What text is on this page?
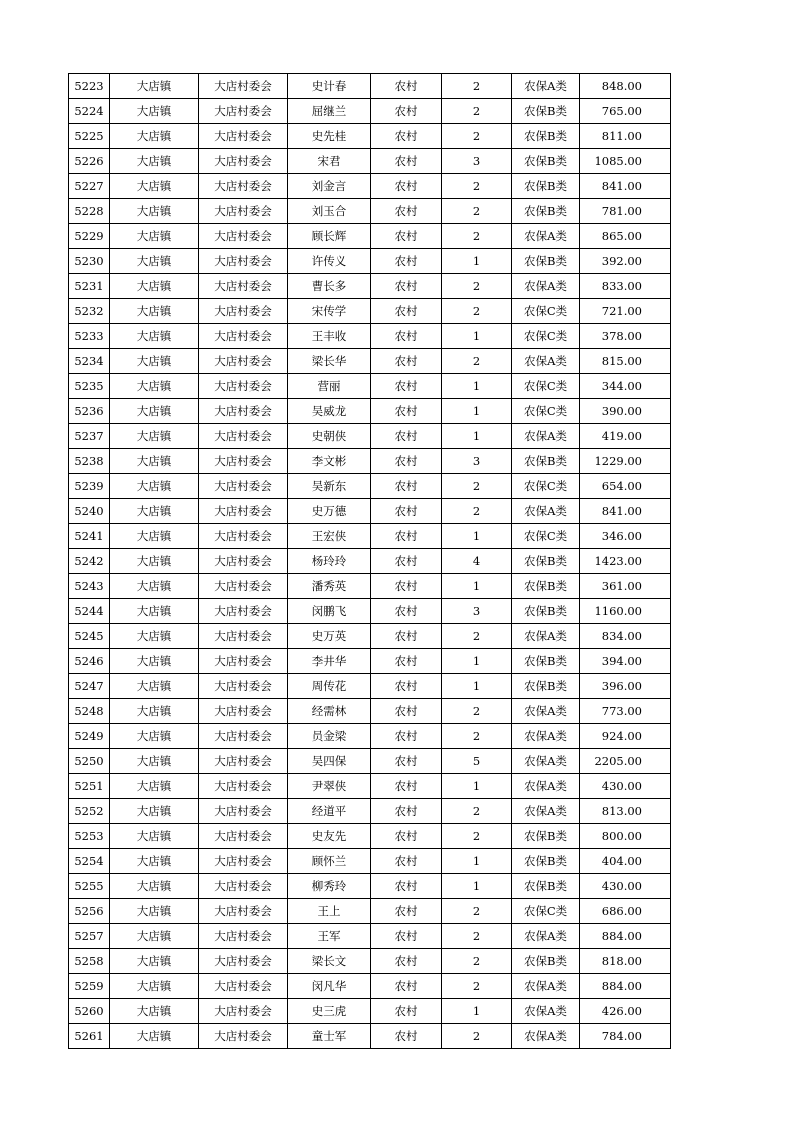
5223	大店镇	大店村委会	史计春	农村	2	农保A类	848.00
5224	大店镇	大店村委会	屈继兰	农村	2	农保B类	765.00
5225	大店镇	大店村委会	史先桂	农村	2	农保B类	811.00
5226	大店镇	大店村委会	宋君	农村	3	农保B类	1085.00
5227	大店镇	大店村委会	刘金言	农村	2	农保B类	841.00
5228	大店镇	大店村委会	刘玉合	农村	2	农保B类	781.00
5229	大店镇	大店村委会	顾长辉	农村	2	农保A类	865.00
5230	大店镇	大店村委会	许传义	农村	1	农保B类	392.00
5231	大店镇	大店村委会	曹长多	农村	2	农保A类	833.00
5232	大店镇	大店村委会	宋传学	农村	2	农保C类	721.00
5233	大店镇	大店村委会	王丰收	农村	1	农保C类	378.00
5234	大店镇	大店村委会	梁长华	农村	2	农保A类	815.00
5235	大店镇	大店村委会	营丽	农村	1	农保C类	344.00
5236	大店镇	大店村委会	吴威龙	农村	1	农保C类	390.00
5237	大店镇	大店村委会	史朝侠	农村	1	农保A类	419.00
5238	大店镇	大店村委会	李文彬	农村	3	农保B类	1229.00
5239	大店镇	大店村委会	吴新东	农村	2	农保C类	654.00
5240	大店镇	大店村委会	史万德	农村	2	农保A类	841.00
5241	大店镇	大店村委会	王宏侠	农村	1	农保C类	346.00
5242	大店镇	大店村委会	杨玲玲	农村	4	农保B类	1423.00
5243	大店镇	大店村委会	潘秀英	农村	1	农保B类	361.00
5244	大店镇	大店村委会	闵鹏飞	农村	3	农保B类	1160.00
5245	大店镇	大店村委会	史万英	农村	2	农保A类	834.00
5246	大店镇	大店村委会	李井华	农村	1	农保B类	394.00
5247	大店镇	大店村委会	周传花	农村	1	农保B类	396.00
5248	大店镇	大店村委会	经需林	农村	2	农保A类	773.00
5249	大店镇	大店村委会	员金梁	农村	2	农保A类	924.00
5250	大店镇	大店村委会	吴四保	农村	5	农保A类	2205.00
5251	大店镇	大店村委会	尹翠侠	农村	1	农保A类	430.00
5252	大店镇	大店村委会	经道平	农村	2	农保A类	813.00
5253	大店镇	大店村委会	史友先	农村	2	农保B类	800.00
5254	大店镇	大店村委会	顾怀兰	农村	1	农保B类	404.00
5255	大店镇	大店村委会	柳秀玲	农村	1	农保B类	430.00
5256	大店镇	大店村委会	王上	农村	2	农保C类	686.00
5257	大店镇	大店村委会	王军	农村	2	农保A类	884.00
5258	大店镇	大店村委会	梁长文	农村	2	农保B类	818.00
5259	大店镇	大店村委会	闵凡华	农村	2	农保A类	884.00
5260	大店镇	大店村委会	史三虎	农村	1	农保A类	426.00
5261	大店镇	大店村委会	童士军	农村	2	农保A类	784.00
